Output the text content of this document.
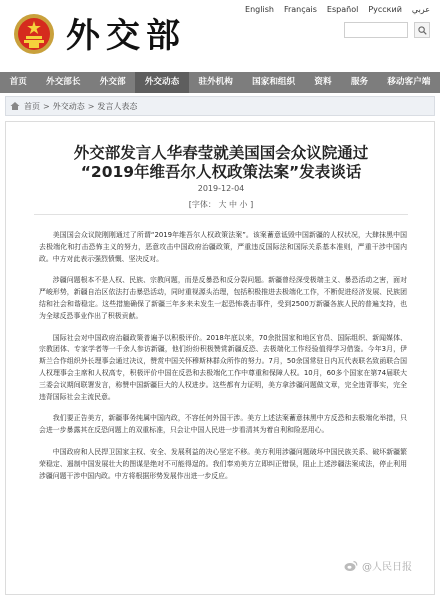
外交部
English Français Español Русский عربي
首页	外交部长	外交部	外交动态	驻外机构	国家和组织	资料	服务	移动客户端
首页 > 外交动态 > 发言人表态
外交部发言人华春莹就美国国会众议院通过
“2019年维吾尔人权政策法案”发表谈话
2019-12-04
[字体： 大 中 小 ]

美国国会众议院刚刚通过了所谓“2019年维吾尔人权政策法案”。该案蓄意诋毁中国新疆的人权状况，大肆抹黑中国去极端化和打击恐怖主义的努力，恶意攻击中国政府治疆政策，严重违反国际法和国际关系基本准则，严重干涉中国内政。中方对此表示强烈愤慨、坚决反对。

涉疆问题根本不是人权、民族、宗教问题，而是反暴恐和反分裂问题。新疆曾经深受极端主义、暴恐活动之害，面对严峻形势，新疆自治区依法打击暴恐活动，同时重视源头治理，包括积极推进去极端化工作，不断促进经济发展、民族团结和社会和谐稳定。这些措施确保了新疆三年多来未发生一起恐怖袭击事件，受到2500万新疆各族人民的普遍支持，也为全球反恐事业作出了积极贡献。

国际社会对中国政府治疆政策普遍予以积极评价。2018年底以来，70余批国家和地区官员、国际组织、新闻媒体、宗教团体、专家学者等一千余人参访新疆，他们纷纷积极赞赏新疆反恐、去极端化工作经验值得学习借鉴。今年3月，伊斯兰合作组织外长理事会通过决议，赞赏中国关怀穆斯林群众所作的努力。7月，50余国常驻日内瓦代表联名致函联合国人权理事会主席和人权高专，积极评价中国在反恐和去极端化工作中尊重和保障人权。10月，60多个国家在第74届联大三委会议期间联署发言，称赞中国新疆巨大的人权进步。这些都有力证明，美方拿涉疆问题做文章，完全违背事实，完全违背国际社会主流民意。

我们要正告美方，新疆事务纯属中国内政，不容任何外国干涉。美方上述法案蓄意抹黑中方反恐和去极端化举措，只会进一步暴露其在反恐问题上的双重标准，只会让中国人民进一步看清其为着自利和险恶用心。

中国政府和人民捍卫国家主权、安全、发展利益的决心坚定不移。美方利用涉疆问题破坏中国民族关系、破坏新疆繁荣稳定、遏制中国发展壮大的图谋是绝对不可能得逞的。我们奉劝美方立即纠正错误，阻止上述涉疆法案成法，停止利用涉疆问题干涉中国内政。中方将根据形势发展作出进一步反应。

@人民日报
